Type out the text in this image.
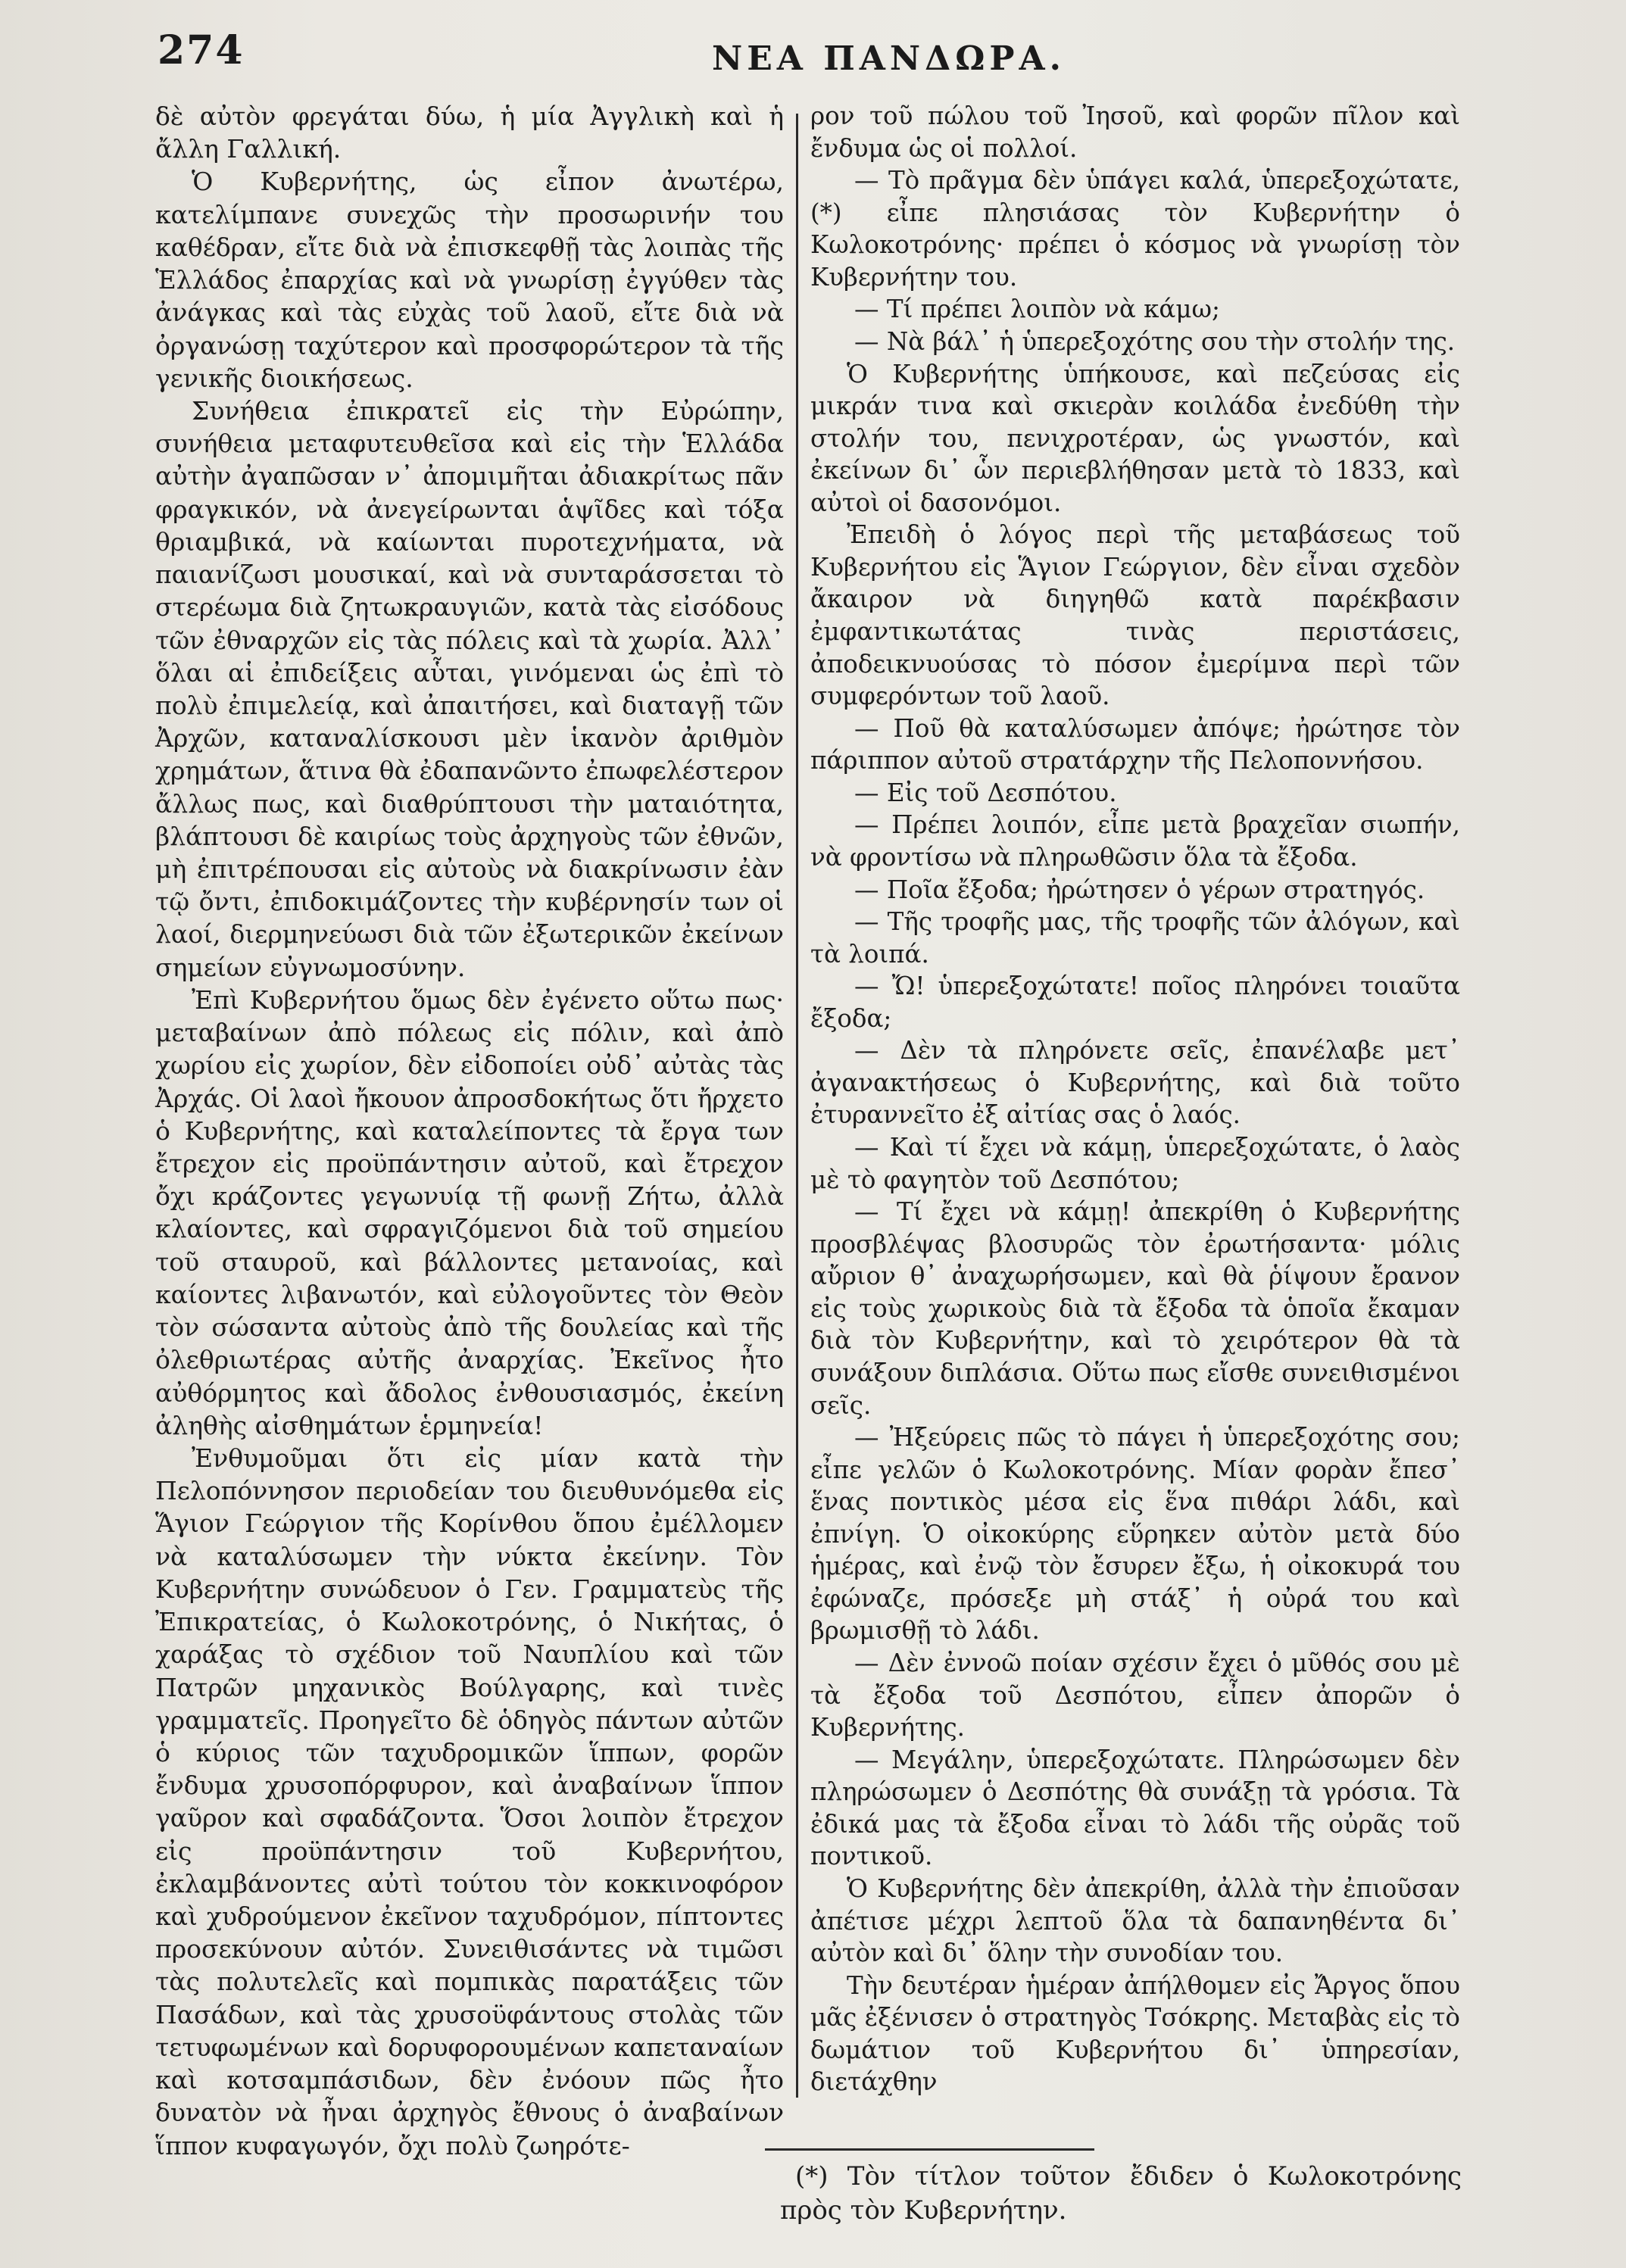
274	ΝΕΑ ΠΑΝΔΩΡΑ.

δὲ αὐτὸν φρεγάται δύω, ἡ μία Ἀγγλικὴ καὶ ἡ ἄλλη Γαλλική.

Ὁ Κυβερνήτης, ὡς εἶπον ἀνωτέρω, κατελίμπανε συνεχῶς τὴν προσωρινήν του καθέδραν, εἴτε διὰ νὰ ἐπισκεφθῇ τὰς λοιπὰς τῆς Ἑλλάδος ἐπαρχίας καὶ νὰ γνωρίσῃ ἐγγύθεν τὰς ἀνάγκας καὶ τὰς εὐχὰς τοῦ λαοῦ, εἴτε διὰ νὰ ὀργανώσῃ ταχύτερον καὶ προσφορώτερον τὰ τῆς γενικῆς διοικήσεως.

Συνήθεια ἐπικρατεῖ εἰς τὴν Εὐρώπην, συνήθεια μεταφυτευθεῖσα καὶ εἰς τὴν Ἑλλάδα αὐτὴν ἀγαπῶσαν ν᾽ ἀπομιμῆται ἀδιακρίτως πᾶν φραγκικόν, νὰ ἀνεγείρωνται ἁψῖδες καὶ τόξα θριαμβικά, νὰ καίωνται πυροτεχνήματα, νὰ παιανίζωσι μουσικαί, καὶ νὰ συνταράσσεται τὸ στερέωμα διὰ ζητωκραυγιῶν, κατὰ τὰς εἰσόδους τῶν ἐθναρχῶν εἰς τὰς πόλεις καὶ τὰ χωρία. Ἀλλ᾽ ὅλαι αἱ ἐπιδείξεις αὗται, γινόμεναι ὡς ἐπὶ τὸ πολὺ ἐπιμελείᾳ, καὶ ἀπαιτήσει, καὶ διαταγῇ τῶν Ἀρχῶν, καταναλίσκουσι μὲν ἱκανὸν ἀριθμὸν χρημάτων, ἅτινα θὰ ἐδαπανῶντο ἐπωφελέστερον ἄλλως πως, καὶ διαθρύπτουσι τὴν ματαιότητα, βλάπτουσι δὲ καιρίως τοὺς ἀρχηγοὺς τῶν ἐθνῶν, μὴ ἐπιτρέπουσαι εἰς αὐτοὺς νὰ διακρίνωσιν ἐὰν τῷ ὄντι, ἐπιδοκιμάζοντες τὴν κυβέρνησίν των οἱ λαοί, διερμηνεύωσι διὰ τῶν ἐξωτερικῶν ἐκείνων σημείων εὐγνωμοσύνην.

Ἐπὶ Κυβερνήτου ὅμως δὲν ἐγένετο οὕτω πως· μεταβαίνων ἀπὸ πόλεως εἰς πόλιν, καὶ ἀπὸ χωρίου εἰς χωρίον, δὲν εἰδοποίει οὐδ᾽ αὐτὰς τὰς Ἀρχάς. Οἱ λαοὶ ἤκουον ἀπροσδοκήτως ὅτι ἤρχετο ὁ Κυβερνήτης, καὶ καταλείποντες τὰ ἔργα των ἔτρεχον εἰς προϋπάντησιν αὐτοῦ, καὶ ἔτρεχον ὄχι κράζοντες γεγωνυίᾳ τῇ φωνῇ Ζήτω, ἀλλὰ κλαίοντες, καὶ σφραγιζόμενοι διὰ τοῦ σημείου τοῦ σταυροῦ, καὶ βάλλοντες μετανοίας, καὶ καίοντες λιβανωτόν, καὶ εὐλογοῦντες τὸν Θεὸν τὸν σώσαντα αὐτοὺς ἀπὸ τῆς δουλείας καὶ τῆς ὀλεθριωτέρας αὐτῆς ἀναρχίας. Ἐκεῖνος ἦτο αὐθόρμητος καὶ ἄδολος ἐνθουσιασμός, ἐκείνη ἀληθὴς αἰσθημάτων ἑρμηνεία!

Ἐνθυμοῦμαι ὅτι εἰς μίαν κατὰ τὴν Πελοπόννησον περιοδείαν του διευθυνόμεθα εἰς Ἅγιον Γεώργιον τῆς Κορίνθου ὅπου ἐμέλλομεν νὰ καταλύσωμεν τὴν νύκτα ἐκείνην. Τὸν Κυβερνήτην συνώδευον ὁ Γεν. Γραμματεὺς τῆς Ἐπικρατείας, ὁ Κωλοκοτρόνης, ὁ Νικήτας, ὁ χαράξας τὸ σχέδιον τοῦ Ναυπλίου καὶ τῶν Πατρῶν μηχανικὸς Βούλγαρης, καὶ τινὲς γραμματεῖς. Προηγεῖτο δὲ ὁδηγὸς πάντων αὐτῶν ὁ κύριος τῶν ταχυδρομικῶν ἵππων, φορῶν ἔνδυμα χρυσοπόρφυρον, καὶ ἀναβαίνων ἵππον γαῦρον καὶ σφαδάζοντα. Ὅσοι λοιπὸν ἔτρεχον εἰς προϋπάντησιν τοῦ Κυβερνήτου, ἐκλαμβάνοντες αὐτὶ τούτου τὸν κοκκινοφόρον καὶ χυδρούμενον ἐκεῖνον ταχυδρόμον, πίπτοντες προσεκύνουν αὐτόν. Συνειθισάντες νὰ τιμῶσι τὰς πολυτελεῖς καὶ πομπικὰς παρατάξεις τῶν Πασάδων, καὶ τὰς χρυσοϋφάντους στολὰς τῶν τετυφωμένων καὶ δορυφορουμένων καπεταναίων καὶ κοτσαμπάσιδων, δὲν ἐνόουν πῶς ἦτο δυνατὸν νὰ ἦναι ἀρχηγὸς ἔθνους ὁ ἀναβαίνων ἵππον κυφαγωγόν, ὄχι πολὺ ζωηρότε-

ρον τοῦ πώλου τοῦ Ἰησοῦ, καὶ φορῶν πῖλον καὶ ἔνδυμα ὡς οἱ πολλοί.

— Τὸ πρᾶγμα δὲν ὑπάγει καλά, ὑπερεξοχώτατε, (*) εἶπε πλησιάσας τὸν Κυβερνήτην ὁ Κωλοκοτρόνης· πρέπει ὁ κόσμος νὰ γνωρίσῃ τὸν Κυβερνήτην του.

— Τί πρέπει λοιπὸν νὰ κάμω;

— Νὰ βάλ᾽ ἡ ὑπερεξοχότης σου τὴν στολήν της.

Ὁ Κυβερνήτης ὑπήκουσε, καὶ πεζεύσας εἰς μικράν τινα καὶ σκιερὰν κοιλάδα ἐνεδύθη τὴν στολήν του, πενιχροτέραν, ὡς γνωστόν, καὶ ἐκείνων δι᾽ ὧν περιεβλήθησαν μετὰ τὸ 1833, καὶ αὐτοὶ οἱ δασονόμοι.

Ἐπειδὴ ὁ λόγος περὶ τῆς μεταβάσεως τοῦ Κυβερνήτου εἰς Ἅγιον Γεώργιον, δὲν εἶναι σχεδὸν ἄκαιρον νὰ διηγηθῶ κατὰ παρέκβασιν ἐμφαντικωτάτας τινὰς περιστάσεις, ἀποδεικνυούσας τὸ πόσον ἐμερίμνα περὶ τῶν συμφερόντων τοῦ λαοῦ.

— Ποῦ θὰ καταλύσωμεν ἀπόψε; ἠρώτησε τὸν πάριππον αὐτοῦ στρατάρχην τῆς Πελοποννήσου.

— Εἰς τοῦ Δεσπότου.

— Πρέπει λοιπόν, εἶπε μετὰ βραχεῖαν σιωπήν, νὰ φροντίσω νὰ πληρωθῶσιν ὅλα τὰ ἔξοδα.

— Ποῖα ἔξοδα; ἠρώτησεν ὁ γέρων στρατηγός.

— Τῆς τροφῆς μας, τῆς τροφῆς τῶν ἀλόγων, καὶ τὰ λοιπά.

— Ὤ! ὑπερεξοχώτατε! ποῖος πληρόνει τοιαῦτα ἔξοδα;

— Δὲν τὰ πληρόνετε σεῖς, ἐπανέλαβε μετ᾽ ἀγανακτήσεως ὁ Κυβερνήτης, καὶ διὰ τοῦτο ἐτυραννεῖτο ἐξ αἰτίας σας ὁ λαός.

— Καὶ τί ἔχει νὰ κάμῃ, ὑπερεξοχώτατε, ὁ λαὸς μὲ τὸ φαγητὸν τοῦ Δεσπότου;

— Τί ἔχει νὰ κάμῃ! ἀπεκρίθη ὁ Κυβερνήτης προσβλέψας βλοσυρῶς τὸν ἐρωτήσαντα· μόλις αὔριον θ᾽ ἀναχωρήσωμεν, καὶ θὰ ῥίψουν ἔρανον εἰς τοὺς χωρικοὺς διὰ τὰ ἔξοδα τὰ ὁποῖα ἔκαμαν διὰ τὸν Κυβερνήτην, καὶ τὸ χειρότερον θὰ τὰ συνάξουν διπλάσια. Οὕτω πως εἴσθε συνειθισμένοι σεῖς.

— Ἠξεύρεις πῶς τὸ πάγει ἡ ὑπερεξοχότης σου; εἶπε γελῶν ὁ Κωλοκοτρόνης. Μίαν φορὰν ἔπεσ᾽ ἕνας ποντικὸς μέσα εἰς ἕνα πιθάρι λάδι, καὶ ἐπνίγη. Ὁ οἰκοκύρης εὕρηκεν αὐτὸν μετὰ δύο ἡμέρας, καὶ ἐνῷ τὸν ἔσυρεν ἔξω, ἡ οἰκοκυρά του ἐφώναζε, πρόσεξε μὴ στάξ᾽ ἡ οὐρά του καὶ βρωμισθῇ τὸ λάδι.

— Δὲν ἐννοῶ ποίαν σχέσιν ἔχει ὁ μῦθός σου μὲ τὰ ἔξοδα τοῦ Δεσπότου, εἶπεν ἀπορῶν ὁ Κυβερνήτης.

— Μεγάλην, ὑπερεξοχώτατε. Πληρώσωμεν δὲν πληρώσωμεν ὁ Δεσπότης θὰ συνάξῃ τὰ γρόσια. Τὰ ἐδικά μας τὰ ἔξοδα εἶναι τὸ λάδι τῆς οὐρᾶς τοῦ ποντικοῦ.

Ὁ Κυβερνήτης δὲν ἀπεκρίθη, ἀλλὰ τὴν ἐπιοῦσαν ἀπέτισε μέχρι λεπτοῦ ὅλα τὰ δαπανηθέντα δι᾽ αὐτὸν καὶ δι᾽ ὅλην τὴν συνοδίαν του.

Τὴν δευτέραν ἡμέραν ἀπήλθομεν εἰς Ἄργος ὅπου μᾶς ἐξένισεν ὁ στρατηγὸς Τσόκρης. Μεταβὰς εἰς τὸ δωμάτιον τοῦ Κυβερνήτου δι᾽ ὑπηρεσίαν, διετάχθην

(*) Τὸν τίτλον τοῦτον ἔδιδεν ὁ Κωλοκοτρόνης πρὸς τὸν Κυβερνήτην.
